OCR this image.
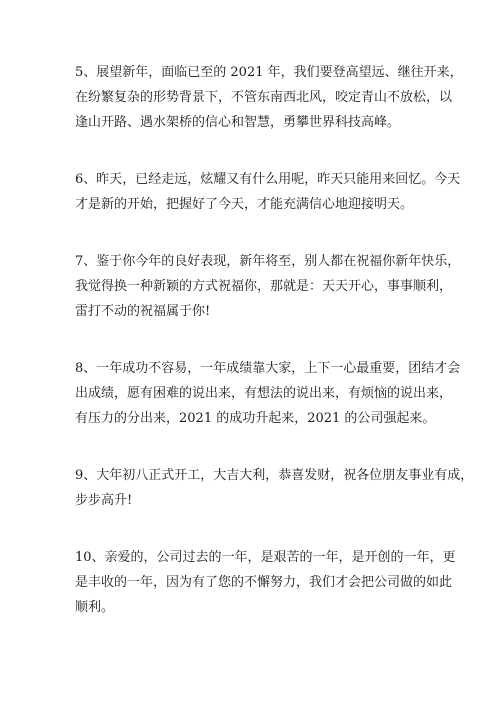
5、展望新年，面临已至的 2021 年，我们要登高望远、继往开来，
在纷繁复杂的形势背景下，不管东南西北风，咬定青山不放松，以
逢山开路、遇水架桥的信心和智慧，勇攀世界科技高峰。

6、昨天，已经走远，炫耀又有什么用呢，昨天只能用来回忆。今天
才是新的开始，把握好了今天，才能充满信心地迎接明天。

7、鉴于你今年的良好表现，新年将至，别人都在祝福你新年快乐，
我觉得换一种新颖的方式祝福你，那就是：天天开心，事事顺利，
雷打不动的祝福属于你!

8、一年成功不容易，一年成绩靠大家，上下一心最重要，团结才会
出成绩，愿有困难的说出来，有想法的说出来，有烦恼的说出来，
有压力的分出来，2021 的成功升起来，2021 的公司强起来。

9、大年初八正式开工，大吉大利，恭喜发财，祝各位朋友事业有成，
步步高升!

10、亲爱的，公司过去的一年，是艰苦的一年，是开创的一年，更
是丰收的一年，因为有了您的不懈努力，我们才会把公司做的如此
顺利。
